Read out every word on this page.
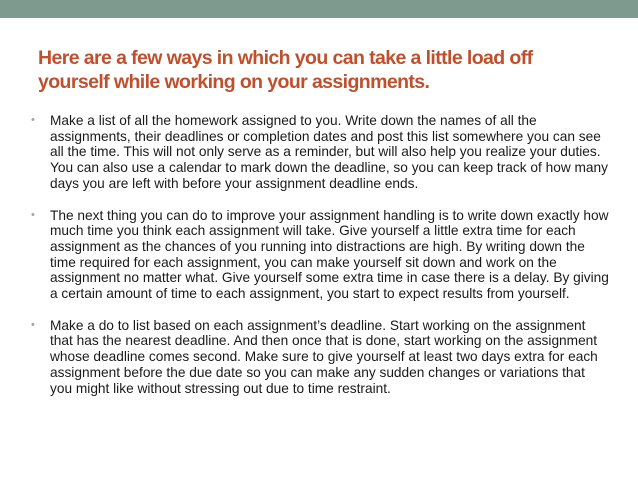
Here are a few ways in which you can take a little load off yourself while working on your assignments.
• Make a list of all the homework assigned to you. Write down the names of all the assignments, their deadlines or completion dates and post this list somewhere you can see all the time. This will not only serve as a reminder, but will also help you realize your duties. You can also use a calendar to mark down the deadline, so you can keep track of how many days you are left with before your assignment deadline ends.
• The next thing you can do to improve your assignment handling is to write down exactly how much time you think each assignment will take. Give yourself a little extra time for each assignment as the chances of you running into distractions are high. By writing down the time required for each assignment, you can make yourself sit down and work on the assignment no matter what. Give yourself some extra time in case there is a delay. By giving a certain amount of time to each assignment, you start to expect results from yourself.
• Make a do to list based on each assignment’s deadline. Start working on the assignment that has the nearest deadline. And then once that is done, start working on the assignment whose deadline comes second. Make sure to give yourself at least two days extra for each assignment before the due date so you can make any sudden changes or variations that you might like without stressing out due to time restraint.
